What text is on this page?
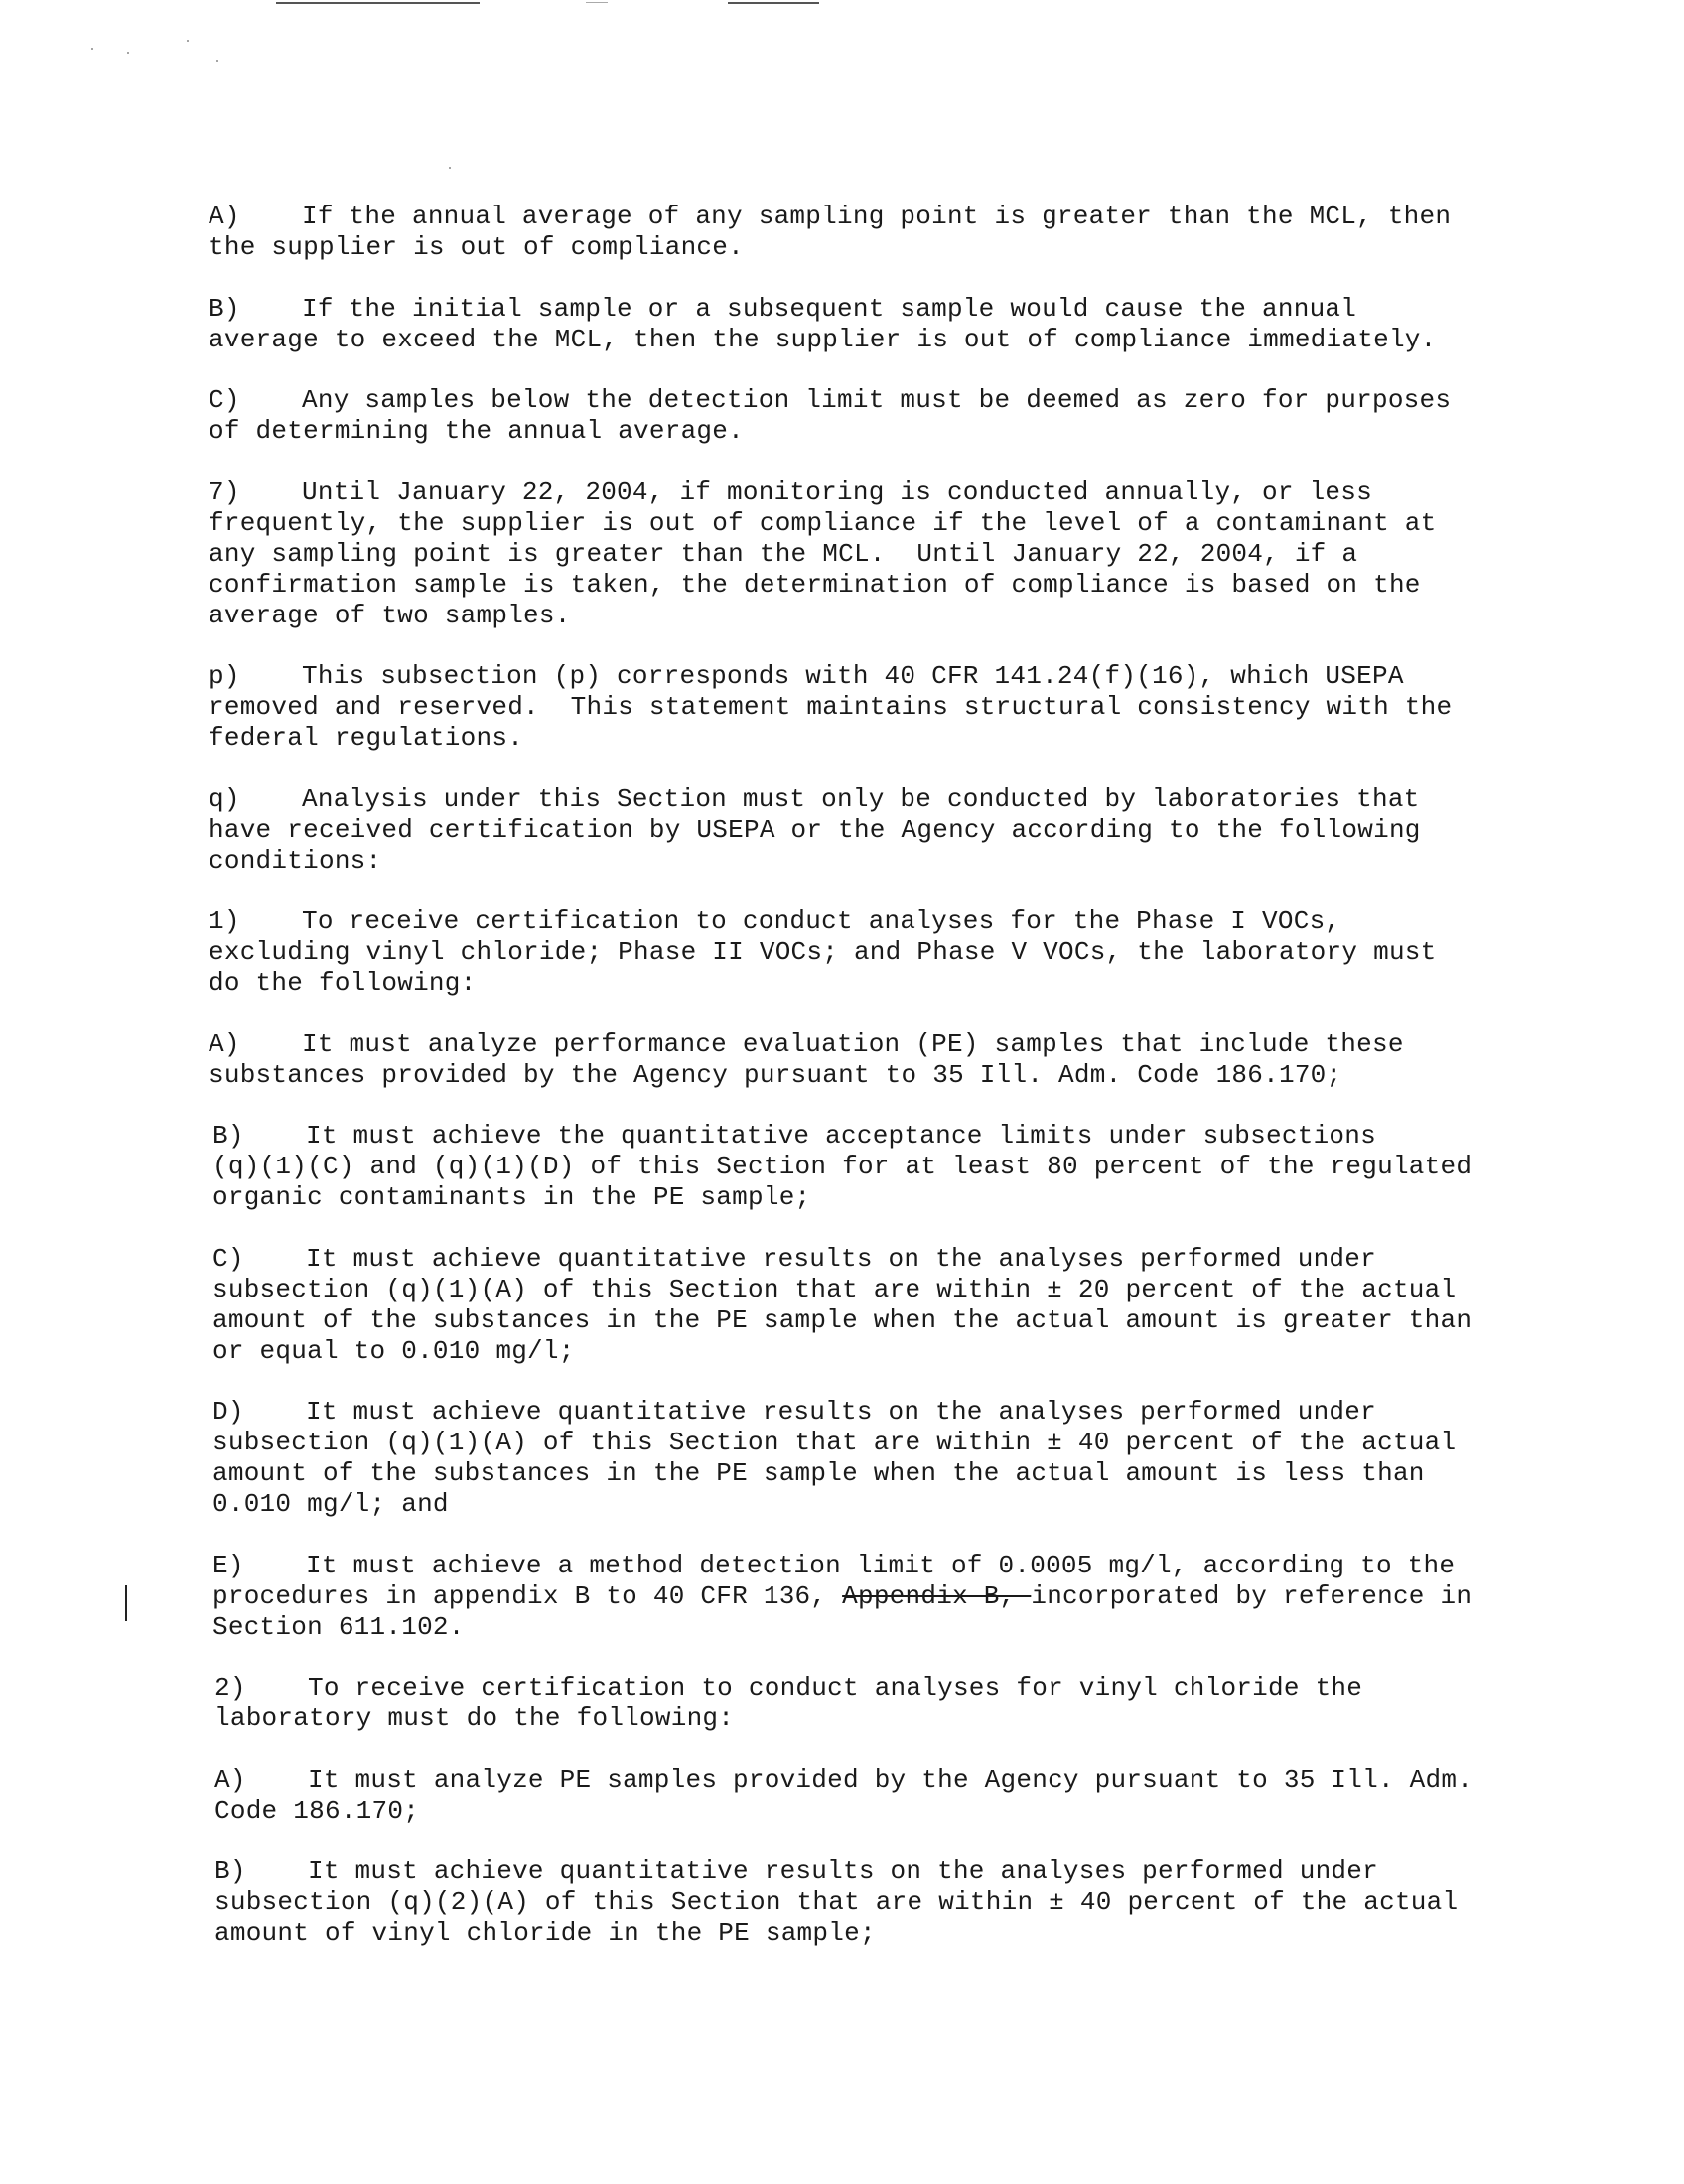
A) If the annual average of any sampling point is greater than the MCL, then
the supplier is out of compliance.

B) If the initial sample or a subsequent sample would cause the annual
average to exceed the MCL, then the supplier is out of compliance immediately.

C) Any samples below the detection limit must be deemed as zero for purposes
of determining the annual average.

7) Until January 22, 2004, if monitoring is conducted annually, or less
frequently, the supplier is out of compliance if the level of a contaminant at
any sampling point is greater than the MCL.  Until January 22, 2004, if a
confirmation sample is taken, the determination of compliance is based on the
average of two samples.

p) This subsection (p) corresponds with 40 CFR 141.24(f)(16), which USEPA
removed and reserved.  This statement maintains structural consistency with the
federal regulations.

q) Analysis under this Section must only be conducted by laboratories that
have received certification by USEPA or the Agency according to the following
conditions:

1) To receive certification to conduct analyses for the Phase I VOCs,
excluding vinyl chloride; Phase II VOCs; and Phase V VOCs, the laboratory must
do the following:

A) It must analyze performance evaluation (PE) samples that include these
substances provided by the Agency pursuant to 35 Ill. Adm. Code 186.170;

B) It must achieve the quantitative acceptance limits under subsections
(q)(1)(C) and (q)(1)(D) of this Section for at least 80 percent of the regulated
organic contaminants in the PE sample;

C) It must achieve quantitative results on the analyses performed under
subsection (q)(1)(A) of this Section that are within ± 20 percent of the actual
amount of the substances in the PE sample when the actual amount is greater than
or equal to 0.010 mg/l;

D) It must achieve quantitative results on the analyses performed under
subsection (q)(1)(A) of this Section that are within ± 40 percent of the actual
amount of the substances in the PE sample when the actual amount is less than
0.010 mg/l; and

E) It must achieve a method detection limit of 0.0005 mg/l, according to the
procedures in appendix B to 40 CFR 136, Appendix B, incorporated by reference in
Section 611.102.

2) To receive certification to conduct analyses for vinyl chloride the
laboratory must do the following:

A) It must analyze PE samples provided by the Agency pursuant to 35 Ill. Adm.
Code 186.170;

B) It must achieve quantitative results on the analyses performed under
subsection (q)(2)(A) of this Section that are within ± 40 percent of the actual
amount of vinyl chloride in the PE sample;
